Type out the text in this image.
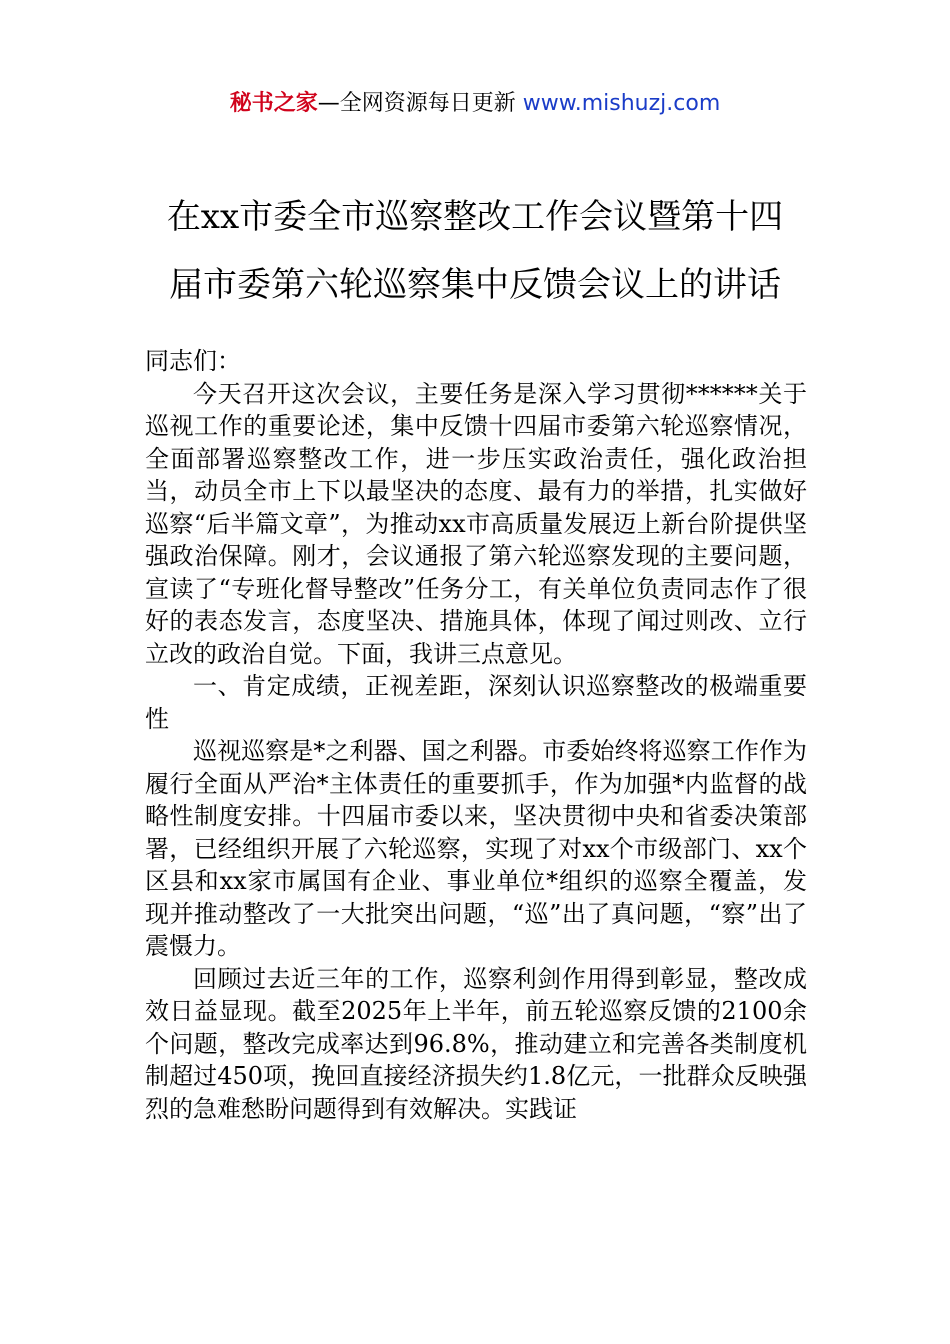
秘书之家—全网资源每日更新 www.mishuzj.com
在xx市委全市巡察整改工作会议暨第十四
届市委第六轮巡察集中反馈会议上的讲话

同志们：

今天召开这次会议，主要任务是深入学习贯彻******关于巡视工作的重要论述，集中反馈十四届市委第六轮巡察情况，全面部署巡察整改工作，进一步压实政治责任，强化政治担当，动员全市上下以最坚决的态度、最有力的举措，扎实做好巡察“后半篇文章”，为推动xx市高质量发展迈上新台阶提供坚强政治保障。刚才，会议通报了第六轮巡察发现的主要问题，宣读了“专班化督导整改”任务分工，有关单位负责同志作了很好的表态发言，态度坚决、措施具体，体现了闻过则改、立行立改的政治自觉。下面，我讲三点意见。

一、肯定成绩，正视差距，深刻认识巡察整改的极端重要性

巡视巡察是*之利器、国之利器。市委始终将巡察工作作为履行全面从严治*主体责任的重要抓手，作为加强*内监督的战略性制度安排。十四届市委以来，坚决贯彻中央和省委决策部署，已经组织开展了六轮巡察，实现了对xx个市级部门、xx个区县和xx家市属国有企业、事业单位*组织的巡察全覆盖，发现并推动整改了一大批突出问题，“巡”出了真问题，“察”出了震慑力。

回顾过去近三年的工作，巡察利剑作用得到彰显，整改成效日益显现。截至2025年上半年，前五轮巡察反馈的2100余个问题，整改完成率达到96.8%，推动建立和完善各类制度机制超过450项，挽回直接经济损失约1.8亿元，一批群众反映强烈的急难愁盼问题得到有效解决。实践证
